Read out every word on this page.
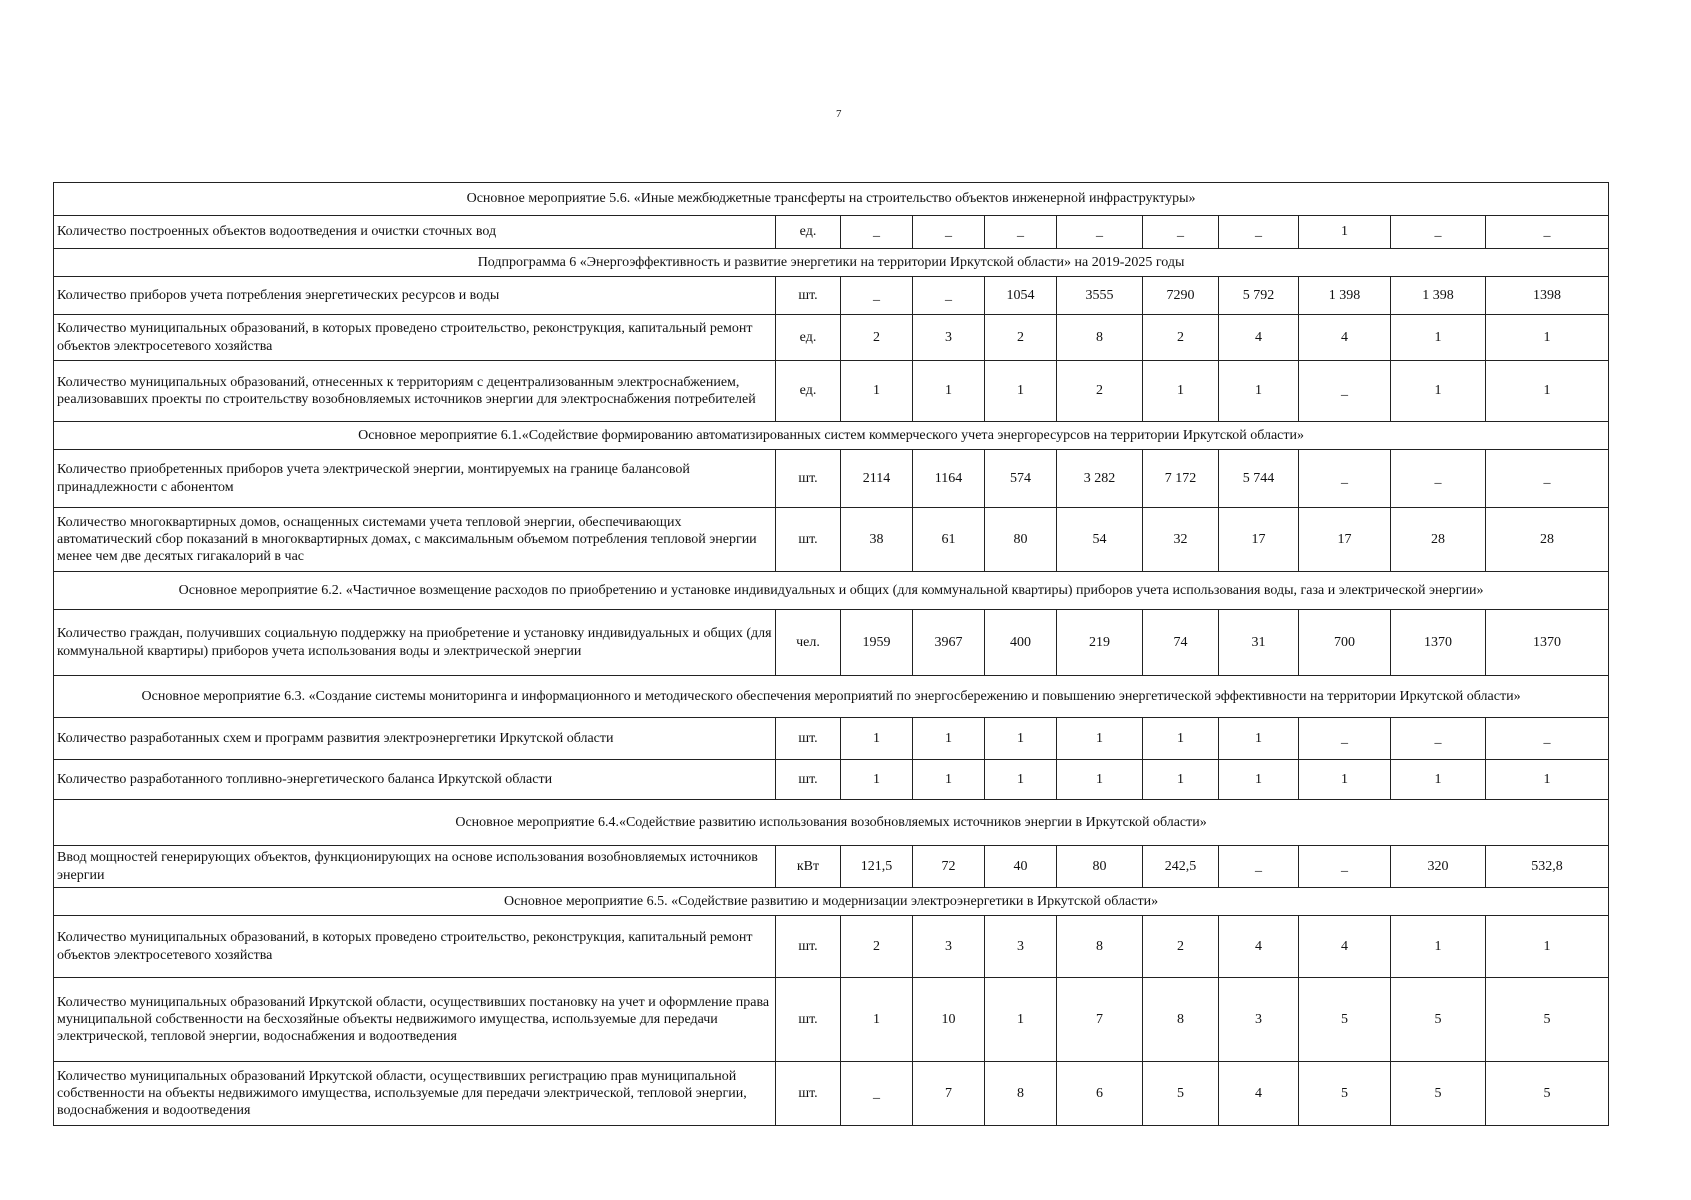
7
Основное мероприятие 5.6. «Иные межбюджетные трансферты на строительство объектов инженерной инфраструктуры»										
Количество построенных объектов водоотведения и очистки сточных вод	ед.	_	_	_	_	_	_	1	_	_
Подпрограмма 6 «Энергоэффективность и развитие энергетики на территории Иркутской области» на 2019-2025 годы										
Количество приборов учета потребления энергетических ресурсов и воды	шт.	_	_	1054	3555	7290	5 792	1 398	1 398	1398
Количество муниципальных образований, в которых проведено строительство, реконструкция, капитальный ремонт объектов электросетевого хозяйства	ед.	2	3	2	8	2	4	4	1	1
Количество муниципальных образований, отнесенных к территориям с децентрализованным электроснабжением, реализовавших проекты по строительству возобновляемых источников энергии для электроснабжения потребителей	ед.	1	1	1	2	1	1	_	1	1
Основное мероприятие 6.1.«Содействие формированию автоматизированных систем коммерческого учета энергоресурсов на территории Иркутской области»										
Количество приобретенных приборов учета электрической энергии, монтируемых на границе балансовой принадлежности с абонентом	шт.	2114	1164	574	3 282	7 172	5 744	_	_	_
Количество многоквартирных домов, оснащенных системами учета тепловой энергии, обеспечивающих автоматический сбор показаний в многоквартирных домах, с максимальным объемом потребления тепловой энергии менее чем две десятых гигакалорий в час	шт.	38	61	80	54	32	17	17	28	28
Основное мероприятие 6.2. «Частичное возмещение расходов по приобретению и установке индивидуальных и общих (для коммунальной квартиры) приборов учета использования воды, газа и электрической энергии»										
Количество граждан, получивших социальную поддержку на приобретение и установку индивидуальных и общих (для коммунальной квартиры) приборов учета использования воды и электрической энергии	чел.	1959	3967	400	219	74	31	700	1370	1370
Основное мероприятие 6.3. «Создание системы мониторинга и информационного и методического обеспечения мероприятий по энергосбережению и повышению энергетической эффективности на территории Иркутской области»										
Количество разработанных схем и программ развития электроэнергетики Иркутской области	шт.	1	1	1	1	1	1	_	_	_
Количество разработанного топливно-энергетического баланса Иркутской области	шт.	1	1	1	1	1	1	1	1	1
Основное мероприятие 6.4.«Содействие развитию использования возобновляемых источников энергии в Иркутской области»										
Ввод мощностей генерирующих объектов, функционирующих на основе использования возобновляемых источников энергии	кВт	121,5	72	40	80	242,5	_	_	320	532,8
Основное мероприятие 6.5. «Содействие развитию и модернизации электроэнергетики в Иркутской области»										
Количество муниципальных образований, в которых проведено строительство, реконструкция, капитальный ремонт объектов электросетевого хозяйства	шт.	2	3	3	8	2	4	4	1	1
Количество муниципальных образований Иркутской области, осуществивших постановку на учет и оформление права муниципальной собственности на бесхозяйные объекты недвижимого имущества, используемые для передачи электрической, тепловой энергии, водоснабжения и водоотведения	шт.	1	10	1	7	8	3	5	5	5
Количество муниципальных образований Иркутской области, осуществивших регистрацию прав муниципальной собственности на объекты недвижимого имущества, используемые для передачи электрической, тепловой энергии, водоснабжения и водоотведения	шт.	_	7	8	6	5	4	5	5	5
